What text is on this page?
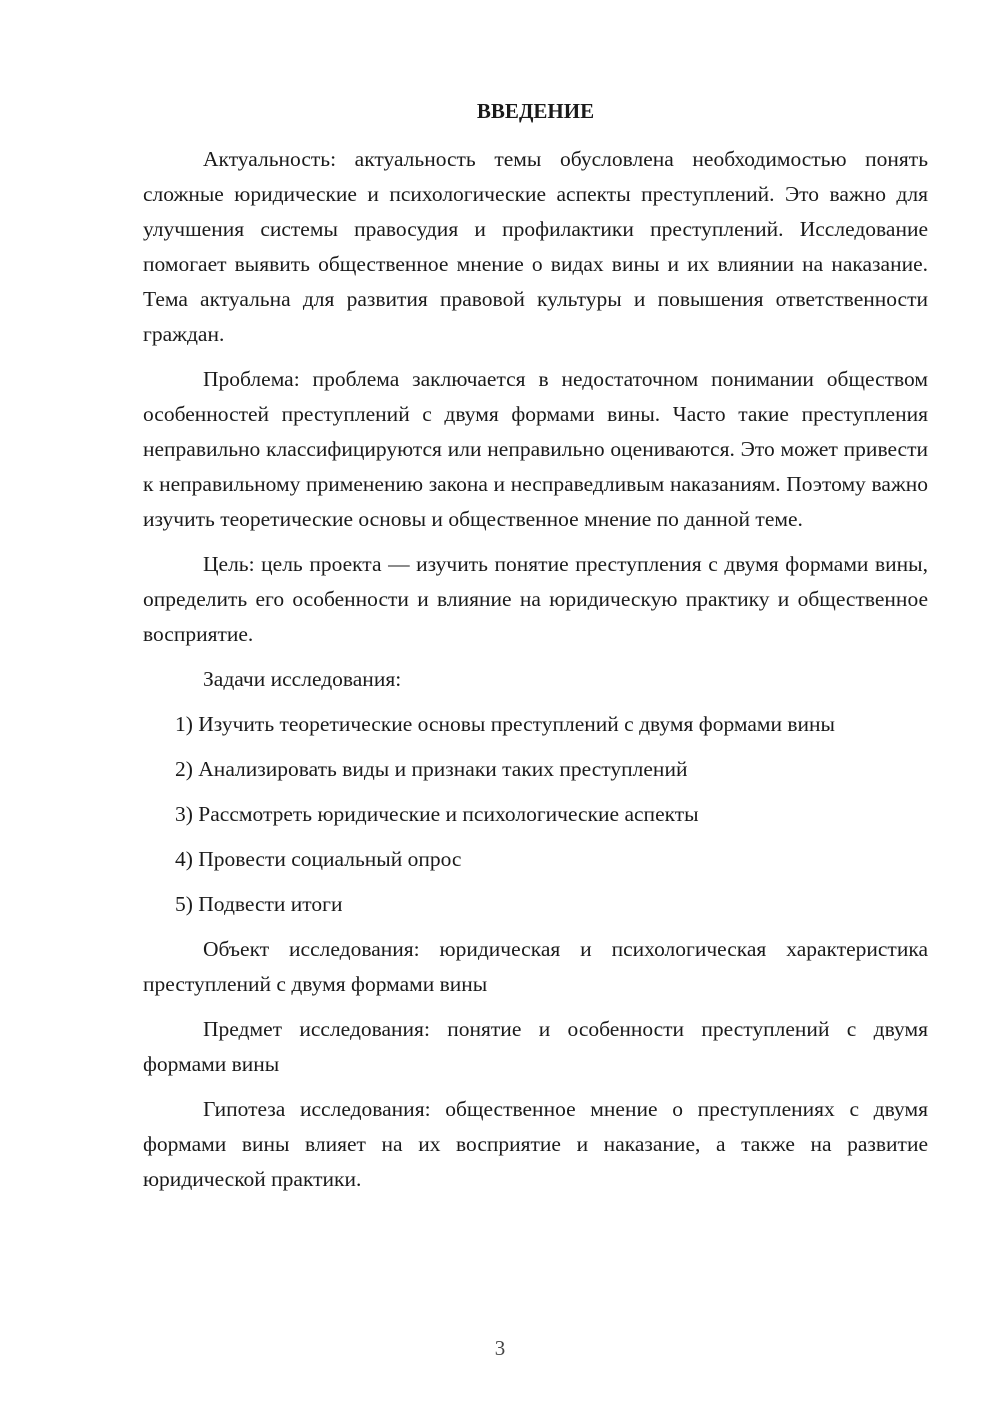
ВВЕДЕНИЕ

Актуальность: актуальность темы обусловлена необходимостью понять сложные юридические и психологические аспекты преступлений. Это важно для улучшения системы правосудия и профилактики преступлений. Исследование помогает выявить общественное мнение о видах вины и их влиянии на наказание. Тема актуальна для развития правовой культуры и повышения ответственности граждан.

Проблема: проблема заключается в недостаточном понимании обществом особенностей преступлений с двумя формами вины. Часто такие преступления неправильно классифицируются или неправильно оцениваются. Это может привести к неправильному применению закона и несправедливым наказаниям. Поэтому важно изучить теоретические основы и общественное мнение по данной теме.

Цель: цель проекта — изучить понятие преступления с двумя формами вины, определить его особенности и влияние на юридическую практику и общественное восприятие.

Задачи исследования:

1) Изучить теоретические основы преступлений с двумя формами вины

2) Анализировать виды и признаки таких преступлений

3) Рассмотреть юридические и психологические аспекты

4) Провести социальный опрос

5) Подвести итоги

Объект исследования: юридическая и психологическая характеристика преступлений с двумя формами вины

Предмет исследования: понятие и особенности преступлений с двумя формами вины

Гипотеза исследования: общественное мнение о преступлениях с двумя формами вины влияет на их восприятие и наказание, а также на развитие юридической практики.

3
